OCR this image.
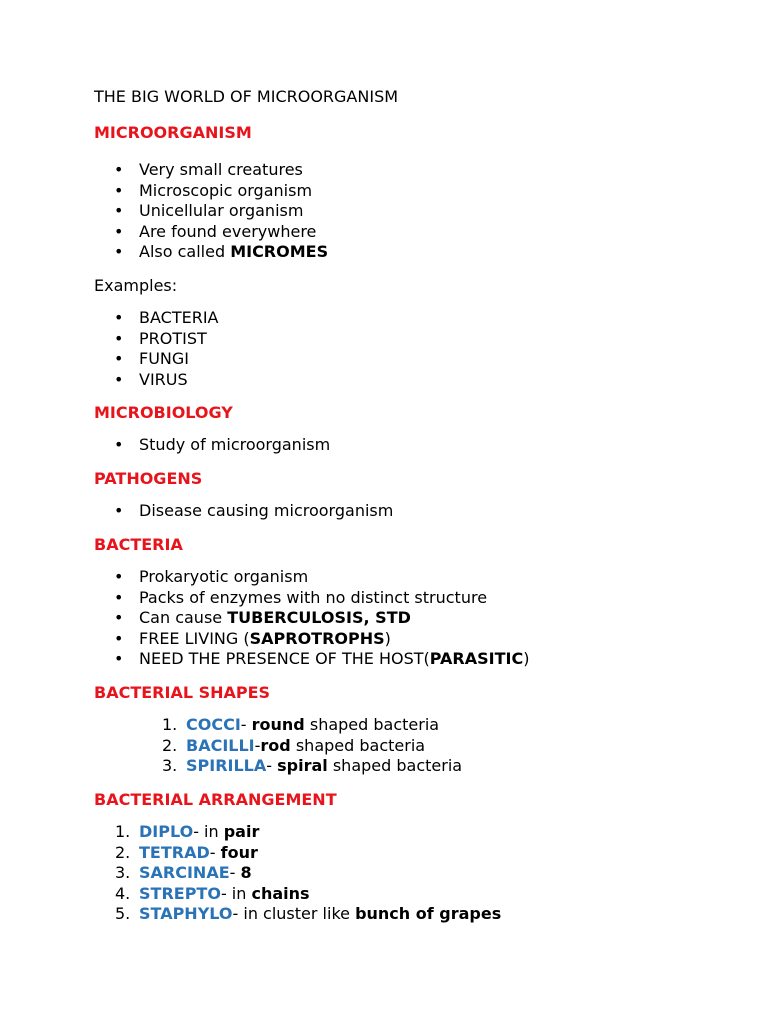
THE BIG WORLD OF MICROORGANISM
MICROORGANISM
• Very small creatures
• Microscopic organism
• Unicellular organism
• Are found everywhere
• Also called MICROMES
Examples:
• BACTERIA
• PROTIST
• FUNGI
• VIRUS
MICROBIOLOGY
• Study of microorganism
PATHOGENS
• Disease causing microorganism
BACTERIA
• Prokaryotic organism
• Packs of enzymes with no distinct structure
• Can cause TUBERCULOSIS, STD
• FREE LIVING (SAPROTROPHS)
• NEED THE PRESENCE OF THE HOST(PARASITIC)
BACTERIAL SHAPES
1. COCCI- round shaped bacteria
2. BACILLI-rod shaped bacteria
3. SPIRILLA- spiral shaped bacteria
BACTERIAL ARRANGEMENT
1. DIPLO- in pair
2. TETRAD- four
3. SARCINAE- 8
4. STREPTO- in chains
5. STAPHYLO- in cluster like bunch of grapes
